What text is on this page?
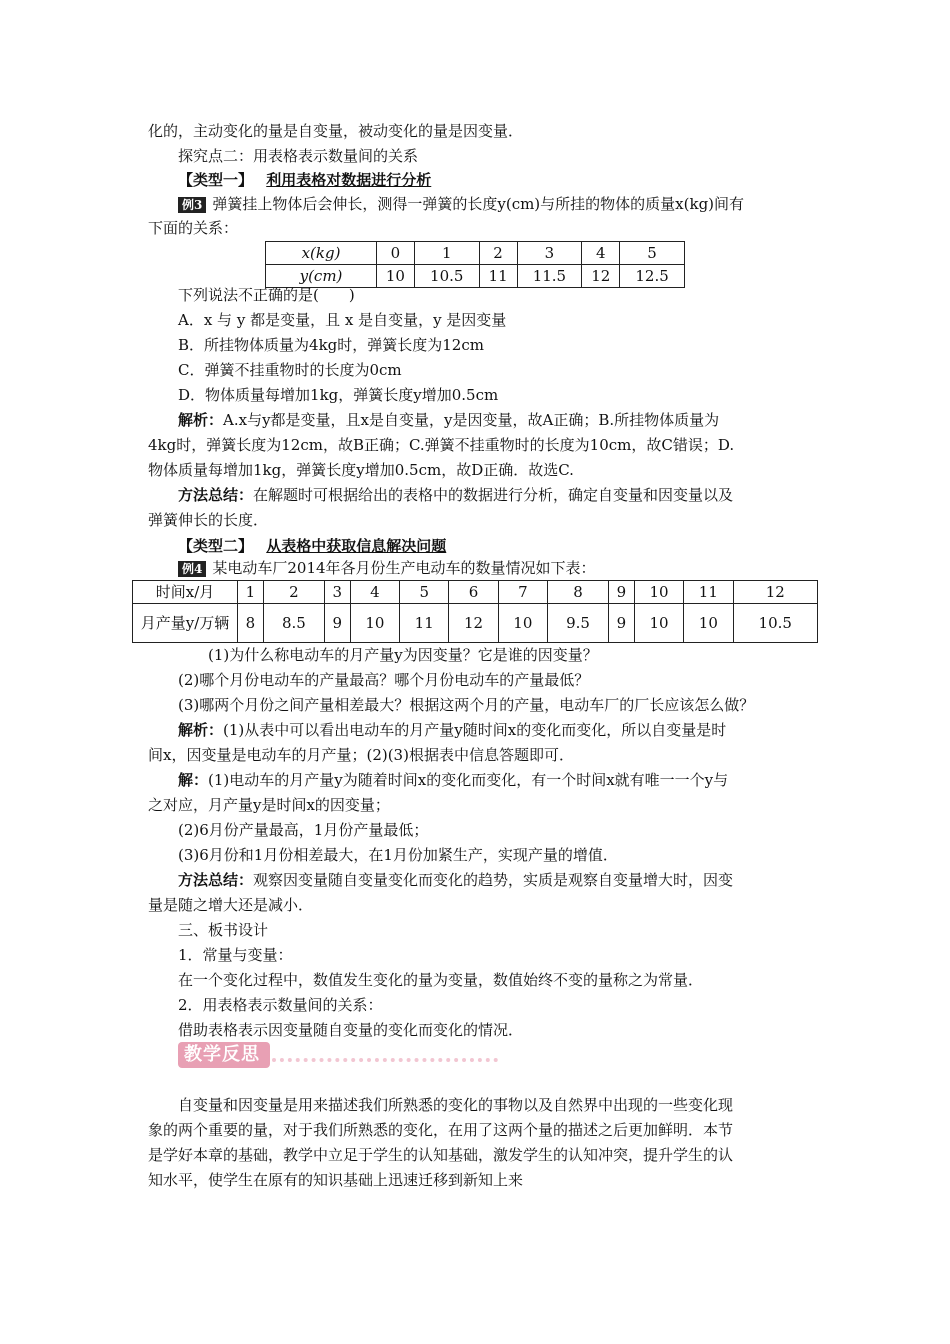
化的，主动变化的量是自变量，被动变化的量是因变量．
探究点二：用表格表示数量间的关系
【类型一】 利用表格对数据进行分析
例3 弹簧挂上物体后会伸长，测得一弹簧的长度y(cm)与所挂的物体的质量x(kg)间有
下面的关系：
x(kg)	0	1	2	3	4	5
y(cm)	10	10.5	11	11.5	12	12.5
下列说法不正确的是(　　)
A．x 与 y 都是变量，且 x 是自变量，y 是因变量
B．所挂物体质量为4kg时，弹簧长度为12cm
C．弹簧不挂重物时的长度为0cm
D．物体质量每增加1kg，弹簧长度y增加0.5cm
解析：A.x与y都是变量，且x是自变量，y是因变量，故A正确；B.所挂物体质量为
4kg时，弹簧长度为12cm，故B正确；C.弹簧不挂重物时的长度为10cm，故C错误；D.
物体质量每增加1kg，弹簧长度y增加0.5cm，故D正确．故选C.
方法总结：在解题时可根据给出的表格中的数据进行分析，确定自变量和因变量以及
弹簧伸长的长度．
【类型二】 从表格中获取信息解决问题
例4 某电动车厂2014年各月份生产电动车的数量情况如下表：
时间x/月	1	2	3	4	5	6	7	8	9	10	11	12
月产量y/万辆	8	8.5	9	10	11	12	10	9.5	9	10	10	10.5
(1)为什么称电动车的月产量y为因变量？它是谁的因变量？
(2)哪个月份电动车的产量最高？哪个月份电动车的产量最低？
(3)哪两个月份之间产量相差最大？根据这两个月的产量，电动车厂的厂长应该怎么做？
解析：(1)从表中可以看出电动车的月产量y随时间x的变化而变化，所以自变量是时
间x，因变量是电动车的月产量；(2)(3)根据表中信息答题即可．
解：(1)电动车的月产量y为随着时间x的变化而变化，有一个时间x就有唯一一个y与
之对应，月产量y是时间x的因变量；
(2)6月份产量最高，1月份产量最低；
(3)6月份和1月份相差最大，在1月份加紧生产，实现产量的增值．
方法总结：观察因变量随自变量变化而变化的趋势，实质是观察自变量增大时，因变
量是随之增大还是减小．
三、板书设计
1．常量与变量：
在一个变化过程中，数值发生变化的量为变量，数值始终不变的量称之为常量．
2．用表格表示数量间的关系：
借助表格表示因变量随自变量的变化而变化的情况．
教学反思
自变量和因变量是用来描述我们所熟悉的变化的事物以及自然界中出现的一些变化现
象的两个重要的量，对于我们所熟悉的变化，在用了这两个量的描述之后更加鲜明．本节
是学好本章的基础，教学中立足于学生的认知基础，激发学生的认知冲突，提升学生的认
知水平，使学生在原有的知识基础上迅速迁移到新知上来
